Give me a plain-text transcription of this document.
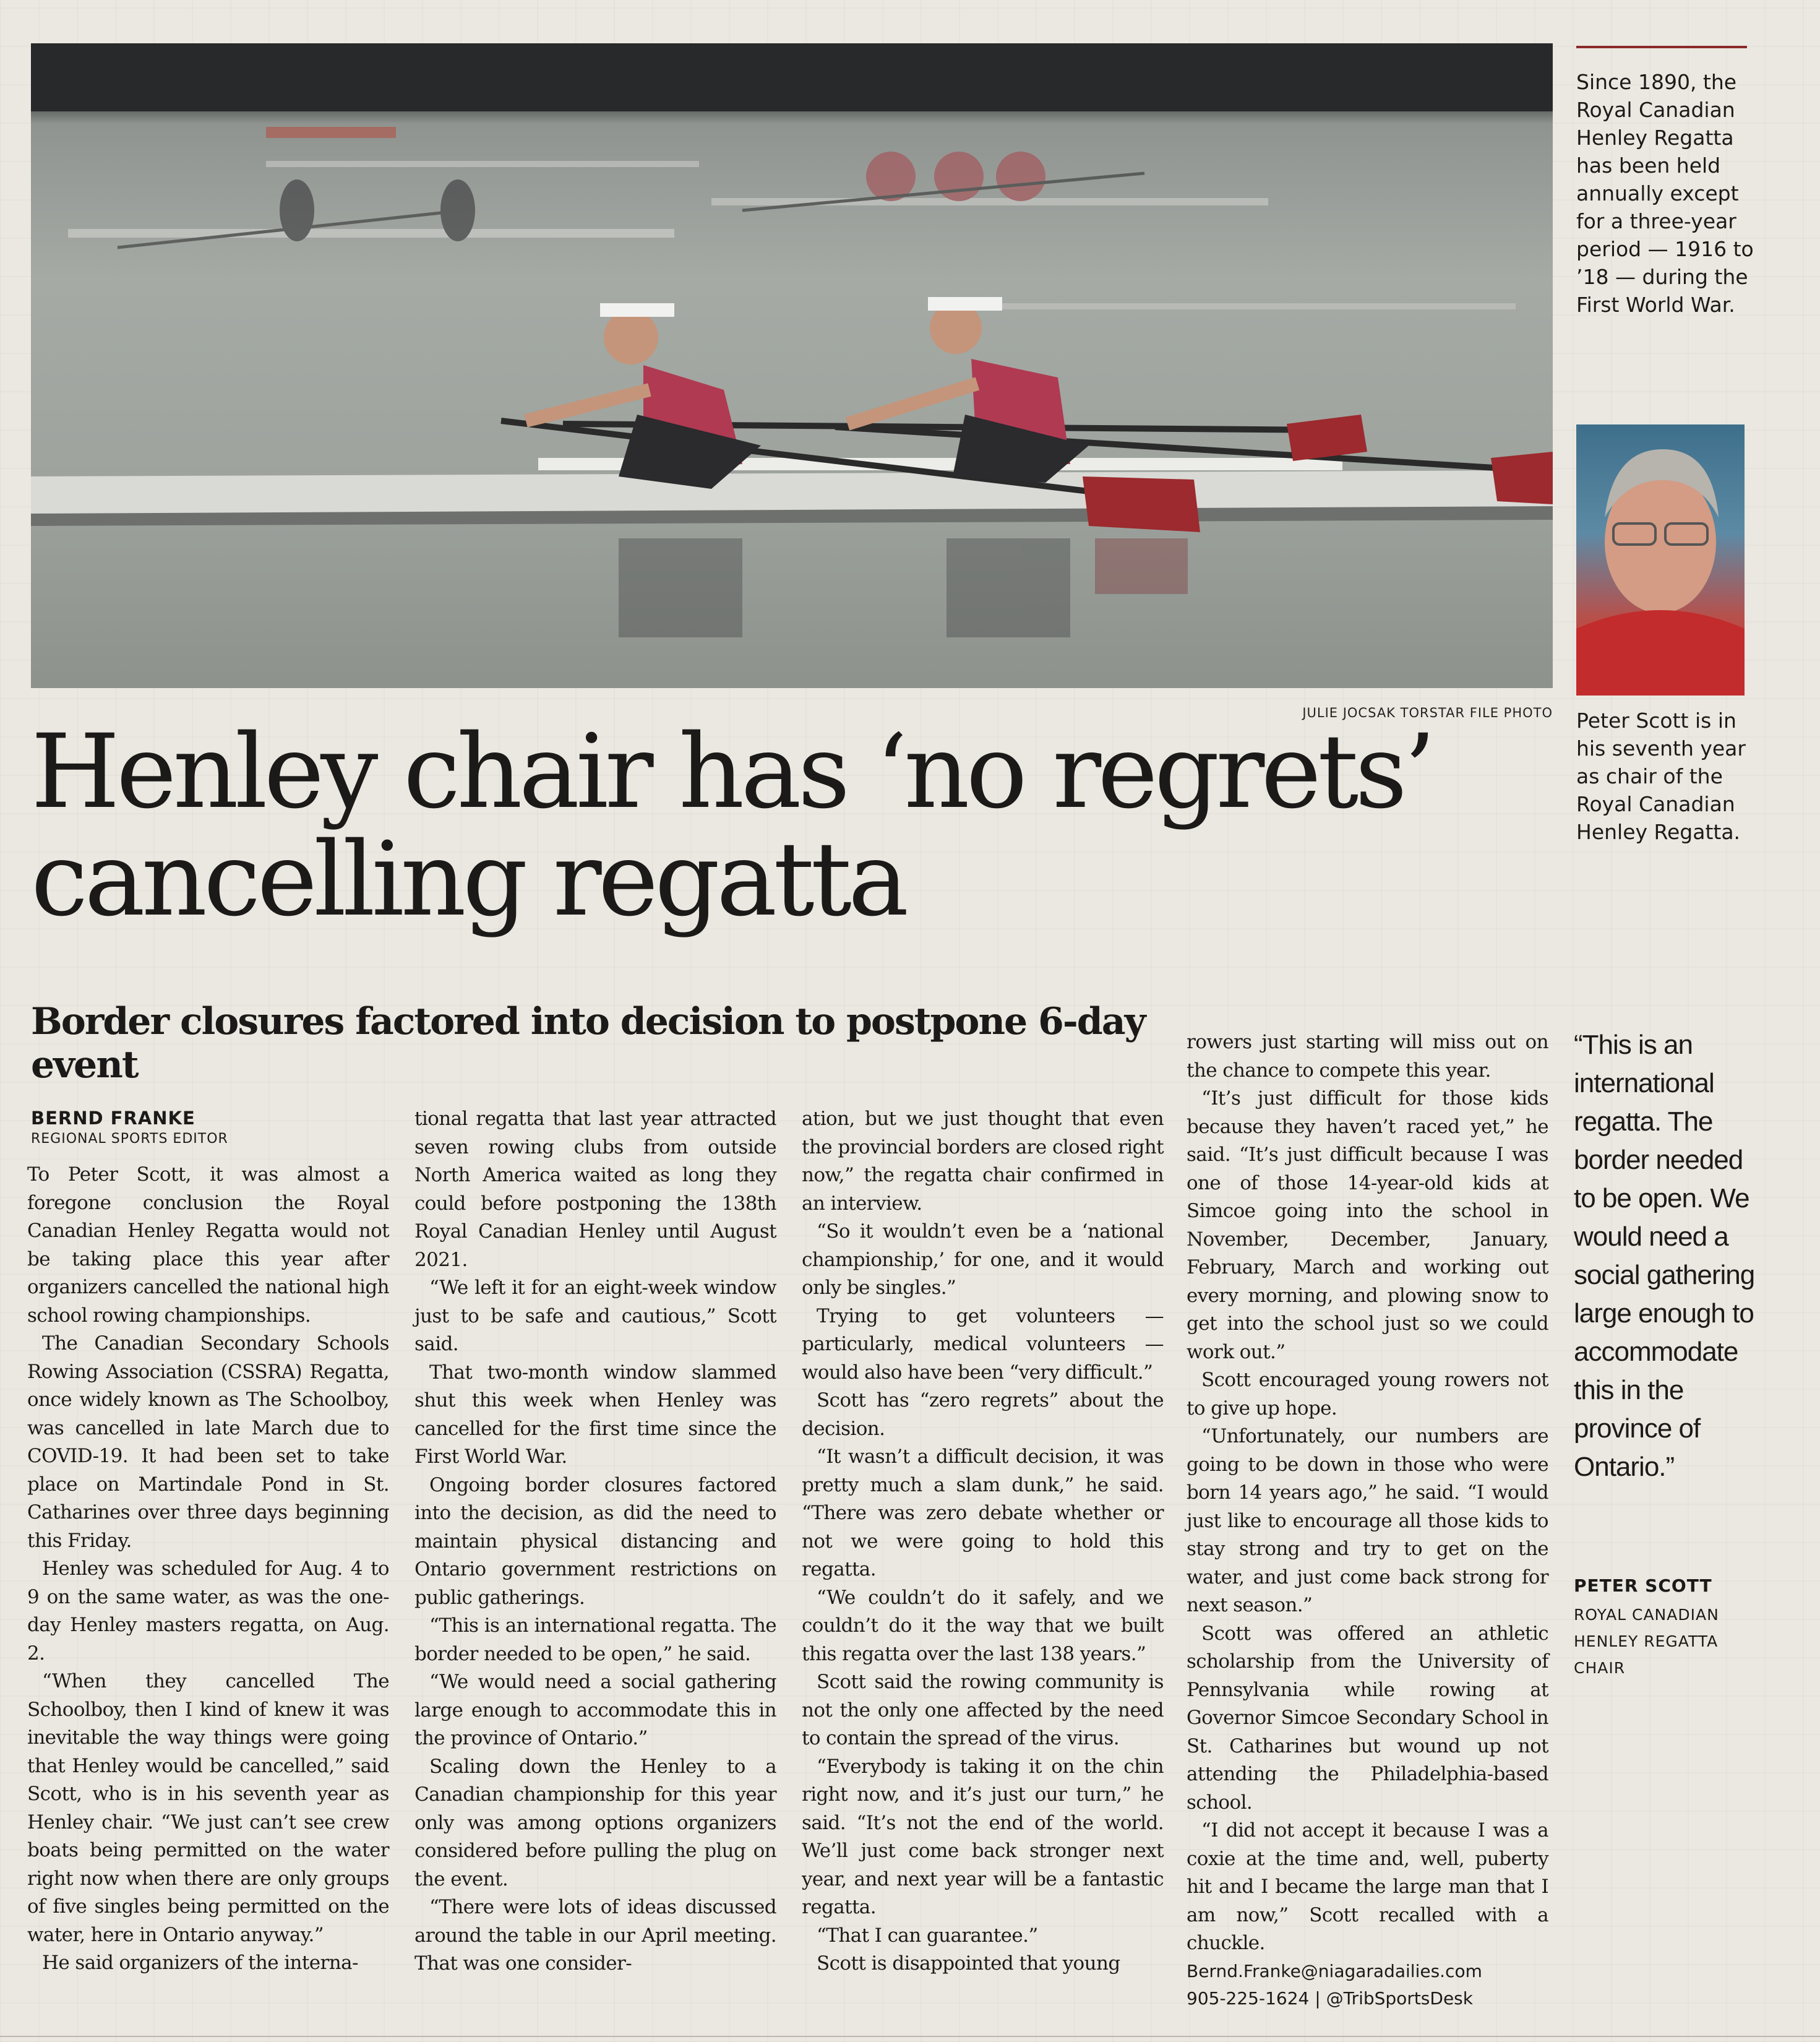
JULIE JOCSAK TORSTAR FILE PHOTO
Since 1890, the Royal Canadian Henley Regatta has been held annually except for a three-year period — 1916 to ’18 — during the First World War.
Peter Scott is in his seventh year as chair of the Royal Canadian Henley Regatta.
Henley chair has ‘no regrets’
cancelling regatta
Border closures factored into decision to postpone 6-day event
BERND FRANKE
REGIONAL SPORTS EDITOR

To Peter Scott, it was almost a foregone conclusion the Royal Canadian Henley Regatta would not be taking place this year after organizers cancelled the national high school rowing championships.

The Canadian Secondary Schools Rowing Association (CSSRA) Regatta, once widely known as The Schoolboy, was cancelled in late March due to COVID-19. It had been set to take place on Martindale Pond in St. Catharines over three days beginning this Friday.

Henley was scheduled for Aug. 4 to 9 on the same water, as was the one-day Henley masters regatta, on Aug. 2.

“When they cancelled The Schoolboy, then I kind of knew it was inevitable the way things were going that Henley would be cancelled,” said Scott, who is in his seventh year as Henley chair. “We just can’t see crew boats being permitted on the water right now when there are only groups of five singles being permitted on the water, here in Ontario anyway.”

He said organizers of the interna-

tional regatta that last year attracted seven rowing clubs from outside North America waited as long they could before postponing the 138th Royal Canadian Henley until August 2021.

“We left it for an eight-week window just to be safe and cautious,” Scott said.

That two-month window slammed shut this week when Henley was cancelled for the first time since the First World War.

Ongoing border closures factored into the decision, as did the need to maintain physical distancing and Ontario government restrictions on public gatherings.

“This is an international regatta. The border needed to be open,” he said.

“We would need a social gathering large enough to accommodate this in the province of Ontario.”

Scaling down the Henley to a Canadian championship for this year only was among options organizers considered before pulling the plug on the event.

“There were lots of ideas discussed around the table in our April meeting. That was one consider-

ation, but we just thought that even the provincial borders are closed right now,” the regatta chair confirmed in an interview.

“So it wouldn’t even be a ‘national championship,’ for one, and it would only be singles.”

Trying to get volunteers — particularly, medical volunteers — would also have been “very difficult.”

Scott has “zero regrets” about the decision.

“It wasn’t a difficult decision, it was pretty much a slam dunk,” he said. “There was zero debate whether or not we were going to hold this regatta.

“We couldn’t do it safely, and we couldn’t do it the way that we built this regatta over the last 138 years.”

Scott said the rowing community is not the only one affected by the need to contain the spread of the virus.

“Everybody is taking it on the chin right now, and it’s just our turn,” he said. “It’s not the end of the world. We’ll just come back stronger next year, and next year will be a fantastic regatta.

“That I can guarantee.”

Scott is disappointed that young

rowers just starting will miss out on the chance to compete this year.

“It’s just difficult for those kids because they haven’t raced yet,” he said. “It’s just difficult because I was one of those 14-year-old kids at Simcoe going into the school in November, December, January, February, March and working out every morning, and plowing snow to get into the school just so we could work out.”

Scott encouraged young rowers not to give up hope.

“Unfortunately, our numbers are going to be down in those who were born 14 years ago,” he said. “I would just like to encourage all those kids to stay strong and try to get on the water, and just come back strong for next season.”

Scott was offered an athletic scholarship from the University of Pennsylvania while rowing at Governor Simcoe Secondary School in St. Catharines but wound up not attending the Philadelphia-based school.

“I did not accept it because I was a coxie at the time and, well, puberty hit and I became the large man that I am now,” Scott recalled with a chuckle.

Bernd.Franke@niagaradailies.com
905-225-1624 | @TribSportsDesk
“This is an international regatta. The border needed to be open. We would need a social gathering large enough to accommodate this in the province of Ontario.”
PETER SCOTT
ROYAL CANADIAN HENLEY REGATTA CHAIR
